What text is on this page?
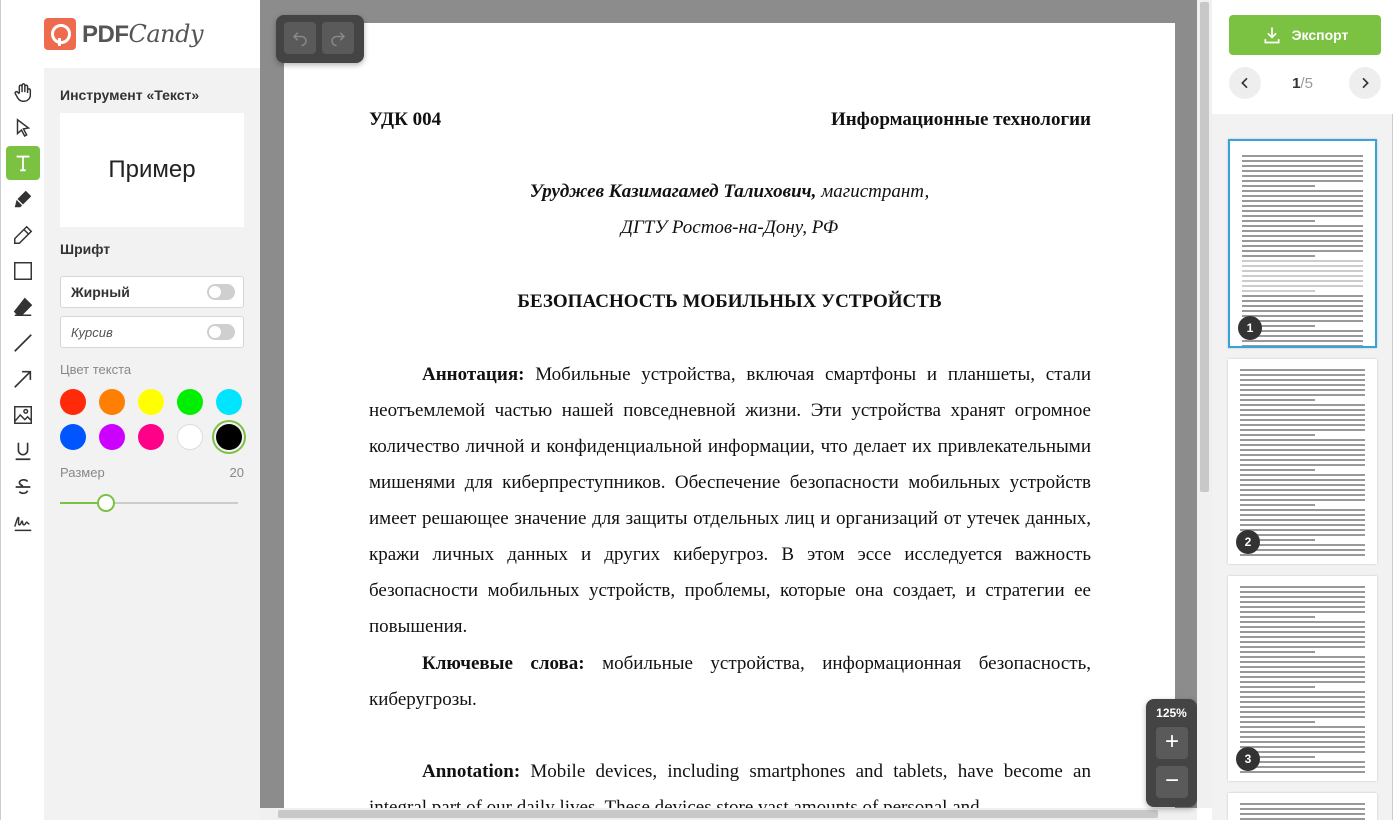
PDFCandy
Инструмент «Текст»
Пример
Шрифт
Жирный
Курсив
Цвет текста
Размер	20
УДК 004	Информационные технологии
Уруджев Казимагамед Талихович, магистрант,
ДГТУ Ростов-на-Дону, РФ
БЕЗОПАСНОСТЬ МОБИЛЬНЫХ УСТРОЙСТВ
Аннотация: Мобильные устройства, включая смартфоны и планшеты, стали неотъемлемой частью нашей повседневной жизни. Эти устройства хранят огромное количество личной и конфиденциальной информации, что делает их привлекательными мишенями для киберпреступников. Обеспечение безопасности мобильных устройств имеет решающее значение для защиты отдельных лиц и организаций от утечек данных, кражи личных данных и других киберугроз. В этом эссе исследуется важность безопасности мобильных устройств, проблемы, которые она создает, и стратегии ее повышения.
Ключевые слова: мобильные устройства, информационная безопасность, киберугрозы.
Annotation: Mobile devices, including smartphones and tablets, have become an
125%
+
−
Экспорт
1/5
1
2
3
